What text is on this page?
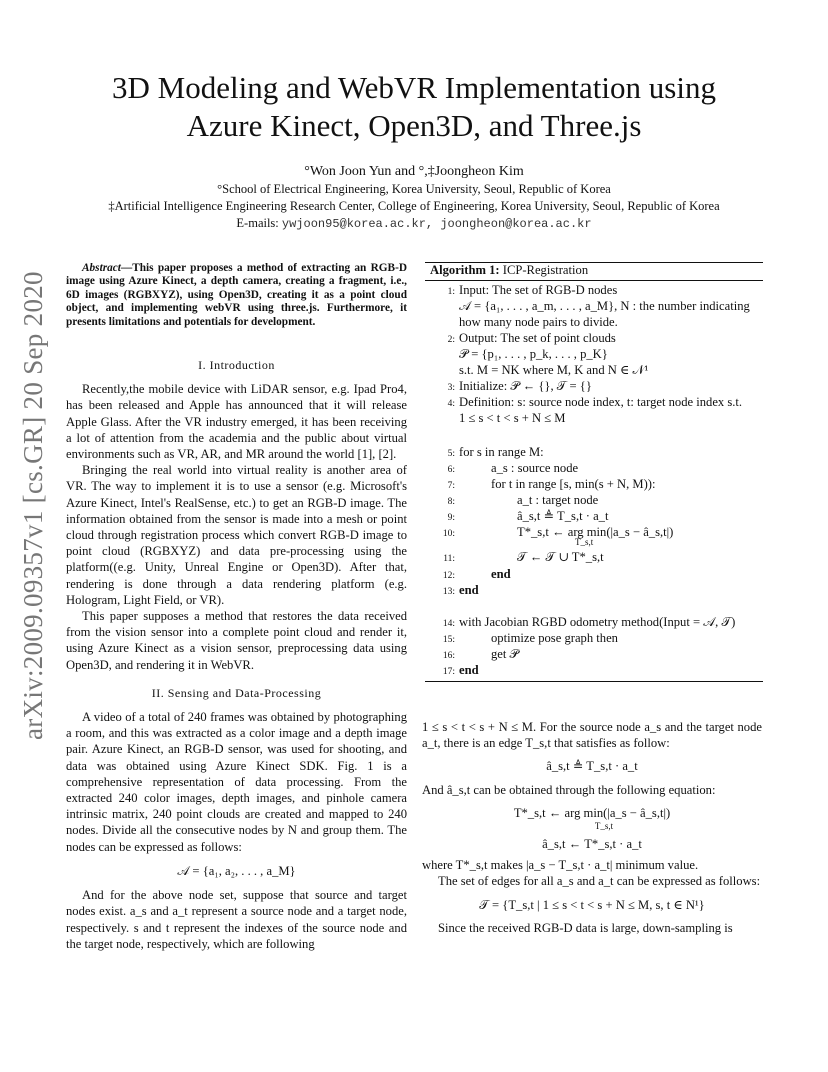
arXiv:2009.09357v1 [cs.GR] 20 Sep 2020
3D Modeling and WebVR Implementation using
Azure Kinect, Open3D, and Three.js
°Won Joon Yun and °,‡Joongheon Kim
°School of Electrical Engineering, Korea University, Seoul, Republic of Korea
‡Artificial Intelligence Engineering Research Center, College of Engineering, Korea University, Seoul, Republic of Korea
E-mails: ywjoon95@korea.ac.kr, joongheon@korea.ac.kr

Abstract—This paper proposes a method of extracting an RGB-D image using Azure Kinect, a depth camera, creating a fragment, i.e., 6D images (RGBXYZ), using Open3D, creating it as a point cloud object, and implementing webVR using three.js. Furthermore, it presents limitations and potentials for development.

I. Introduction

Recently,the mobile device with LiDAR sensor, e.g. Ipad Pro4, has been released and Apple has announced that it will release Apple Glass. After the VR industry emerged, it has been receiving a lot of attention from the academia and the public about virtual environments such as VR, AR, and MR around the world [1], [2].

Bringing the real world into virtual reality is another area of VR. The way to implement it is to use a sensor (e.g. Microsoft's Azure Kinect, Intel's RealSense, etc.) to get an RGB-D image. The information obtained from the sensor is made into a mesh or point cloud through registration process which convert RGB-D image to point cloud (RGBXYZ) and data pre-processing using the platform((e.g. Unity, Unreal Engine or Open3D). After that, rendering is done through a data rendering platform (e.g. Hologram, Light Field, or VR).

This paper supposes a method that restores the data received from the vision sensor into a complete point cloud and render it, using Azure Kinect as a vision sensor, preprocessing data using Open3D, and rendering it in WebVR.

II. Sensing and Data-Processing

A video of a total of 240 frames was obtained by photographing a room, and this was extracted as a color image and a depth image pair. Azure Kinect, an RGB-D sensor, was used for shooting, and data was obtained using Azure Kinect SDK. Fig. 1 is a comprehensive representation of data processing. From the extracted 240 color images, depth images, and pinhole camera intrinsic matrix, 240 point clouds are created and mapped to 240 nodes. Divide all the consecutive nodes by N and group them. The nodes can be expressed as follows:

𝒜 = {a₁, a₂, . . . , a_M}

And for the above node set, suppose that source and target nodes exist. a_s and a_t represent a source node and a target node, respectively. s and t represent the indexes of the source node and the target node, respectively, which are following

Algorithm 1: ICP-Registration
1: Input: The set of RGB-D nodes
𝒜 = {a₁, . . . , a_m, . . . , a_M}, N : the number indicating
how many node pairs to divide.
2: Output: The set of point clouds
𝒫 = {p₁, . . . , p_k, . . . , p_K}
s.t. M = NK where M, K and N ∈ 𝒩¹
3: Initialize: 𝒫 ← {}, 𝒯 = {}
4: Definition: s: source node index, t: target node index s.t.
1 ≤ s < t < s + N ≤ M
5: for s in range M:
6:	a_s : source node
7:	for t in range [s, min(s + N, M)):
8:	a_t : target node
9:	â_s,t ≜ T_s,t · a_t
10:	T*_s,t ← arg min(|a_s − â_s,t|)
T_s,t
11:	𝒯 ← 𝒯 ∪ T*_s,t
12:	end
13: end
14: with Jacobian RGBD odometry method(Input = 𝒜, 𝒯)
15:	optimize pose graph then
16:	get 𝒫
17: end

1 ≤ s < t < s + N ≤ M. For the source node a_s and the target node a_t, there is an edge T_s,t that satisfies as follow:

â_s,t ≜ T_s,t · a_t

And â_s,t can be obtained through the following equation:

T*_s,t ← arg min(|a_s − â_s,t|)

T_s,t

â_s,t ← T*_s,t · a_t

where T*_s,t makes |a_s − T_s,t · a_t| minimum value.

The set of edges for all a_s and a_t can be expressed as follows:

𝒯 = {T_s,t | 1 ≤ s < t < s + N ≤ M, s, t ∈ N¹}

Since the received RGB-D data is large, down-sampling is
